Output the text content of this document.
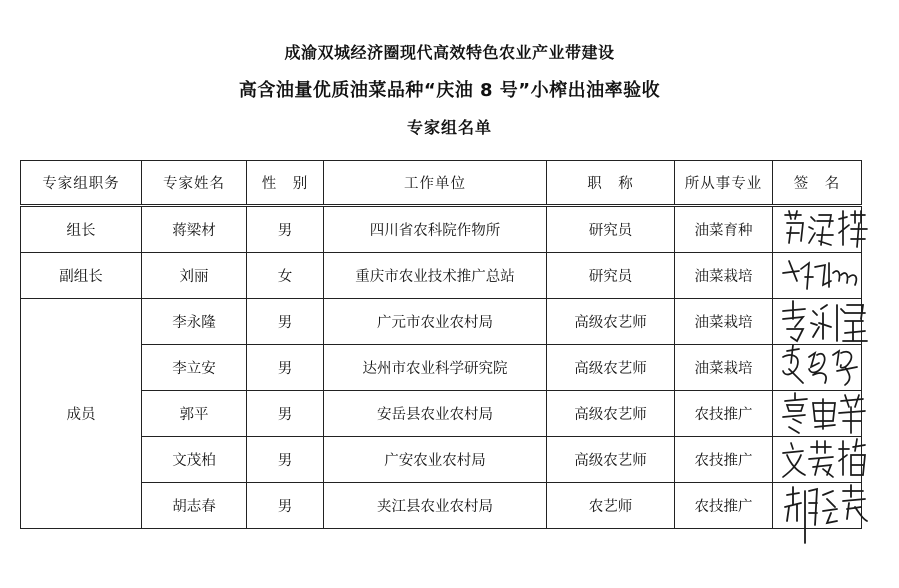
成渝双城经济圈现代高效特色农业产业带建设
高含油量优质油菜品种“庆油 8 号”小榨出油率验收
专家组名单
专家组职务	专家姓名	性　别	工作单位	职　称	所从事专业	签　名
组长	蒋梁材	男	四川省农科院作物所	研究员	油菜育种	

副组长	刘丽	女	重庆市农业技术推广总站	研究员	油菜栽培	

成员	李永隆	男	广元市农业农村局	高级农艺师	油菜栽培	

	李立安	男	达州市农业科学研究院	高级农艺师	油菜栽培	

	郭平	男	安岳县农业农村局	高级农艺师	农技推广	

	文茂柏	男	广安农业农村局	高级农艺师	农技推广	

	胡志春	男	夹江县农业农村局	农艺师	农技推广	
